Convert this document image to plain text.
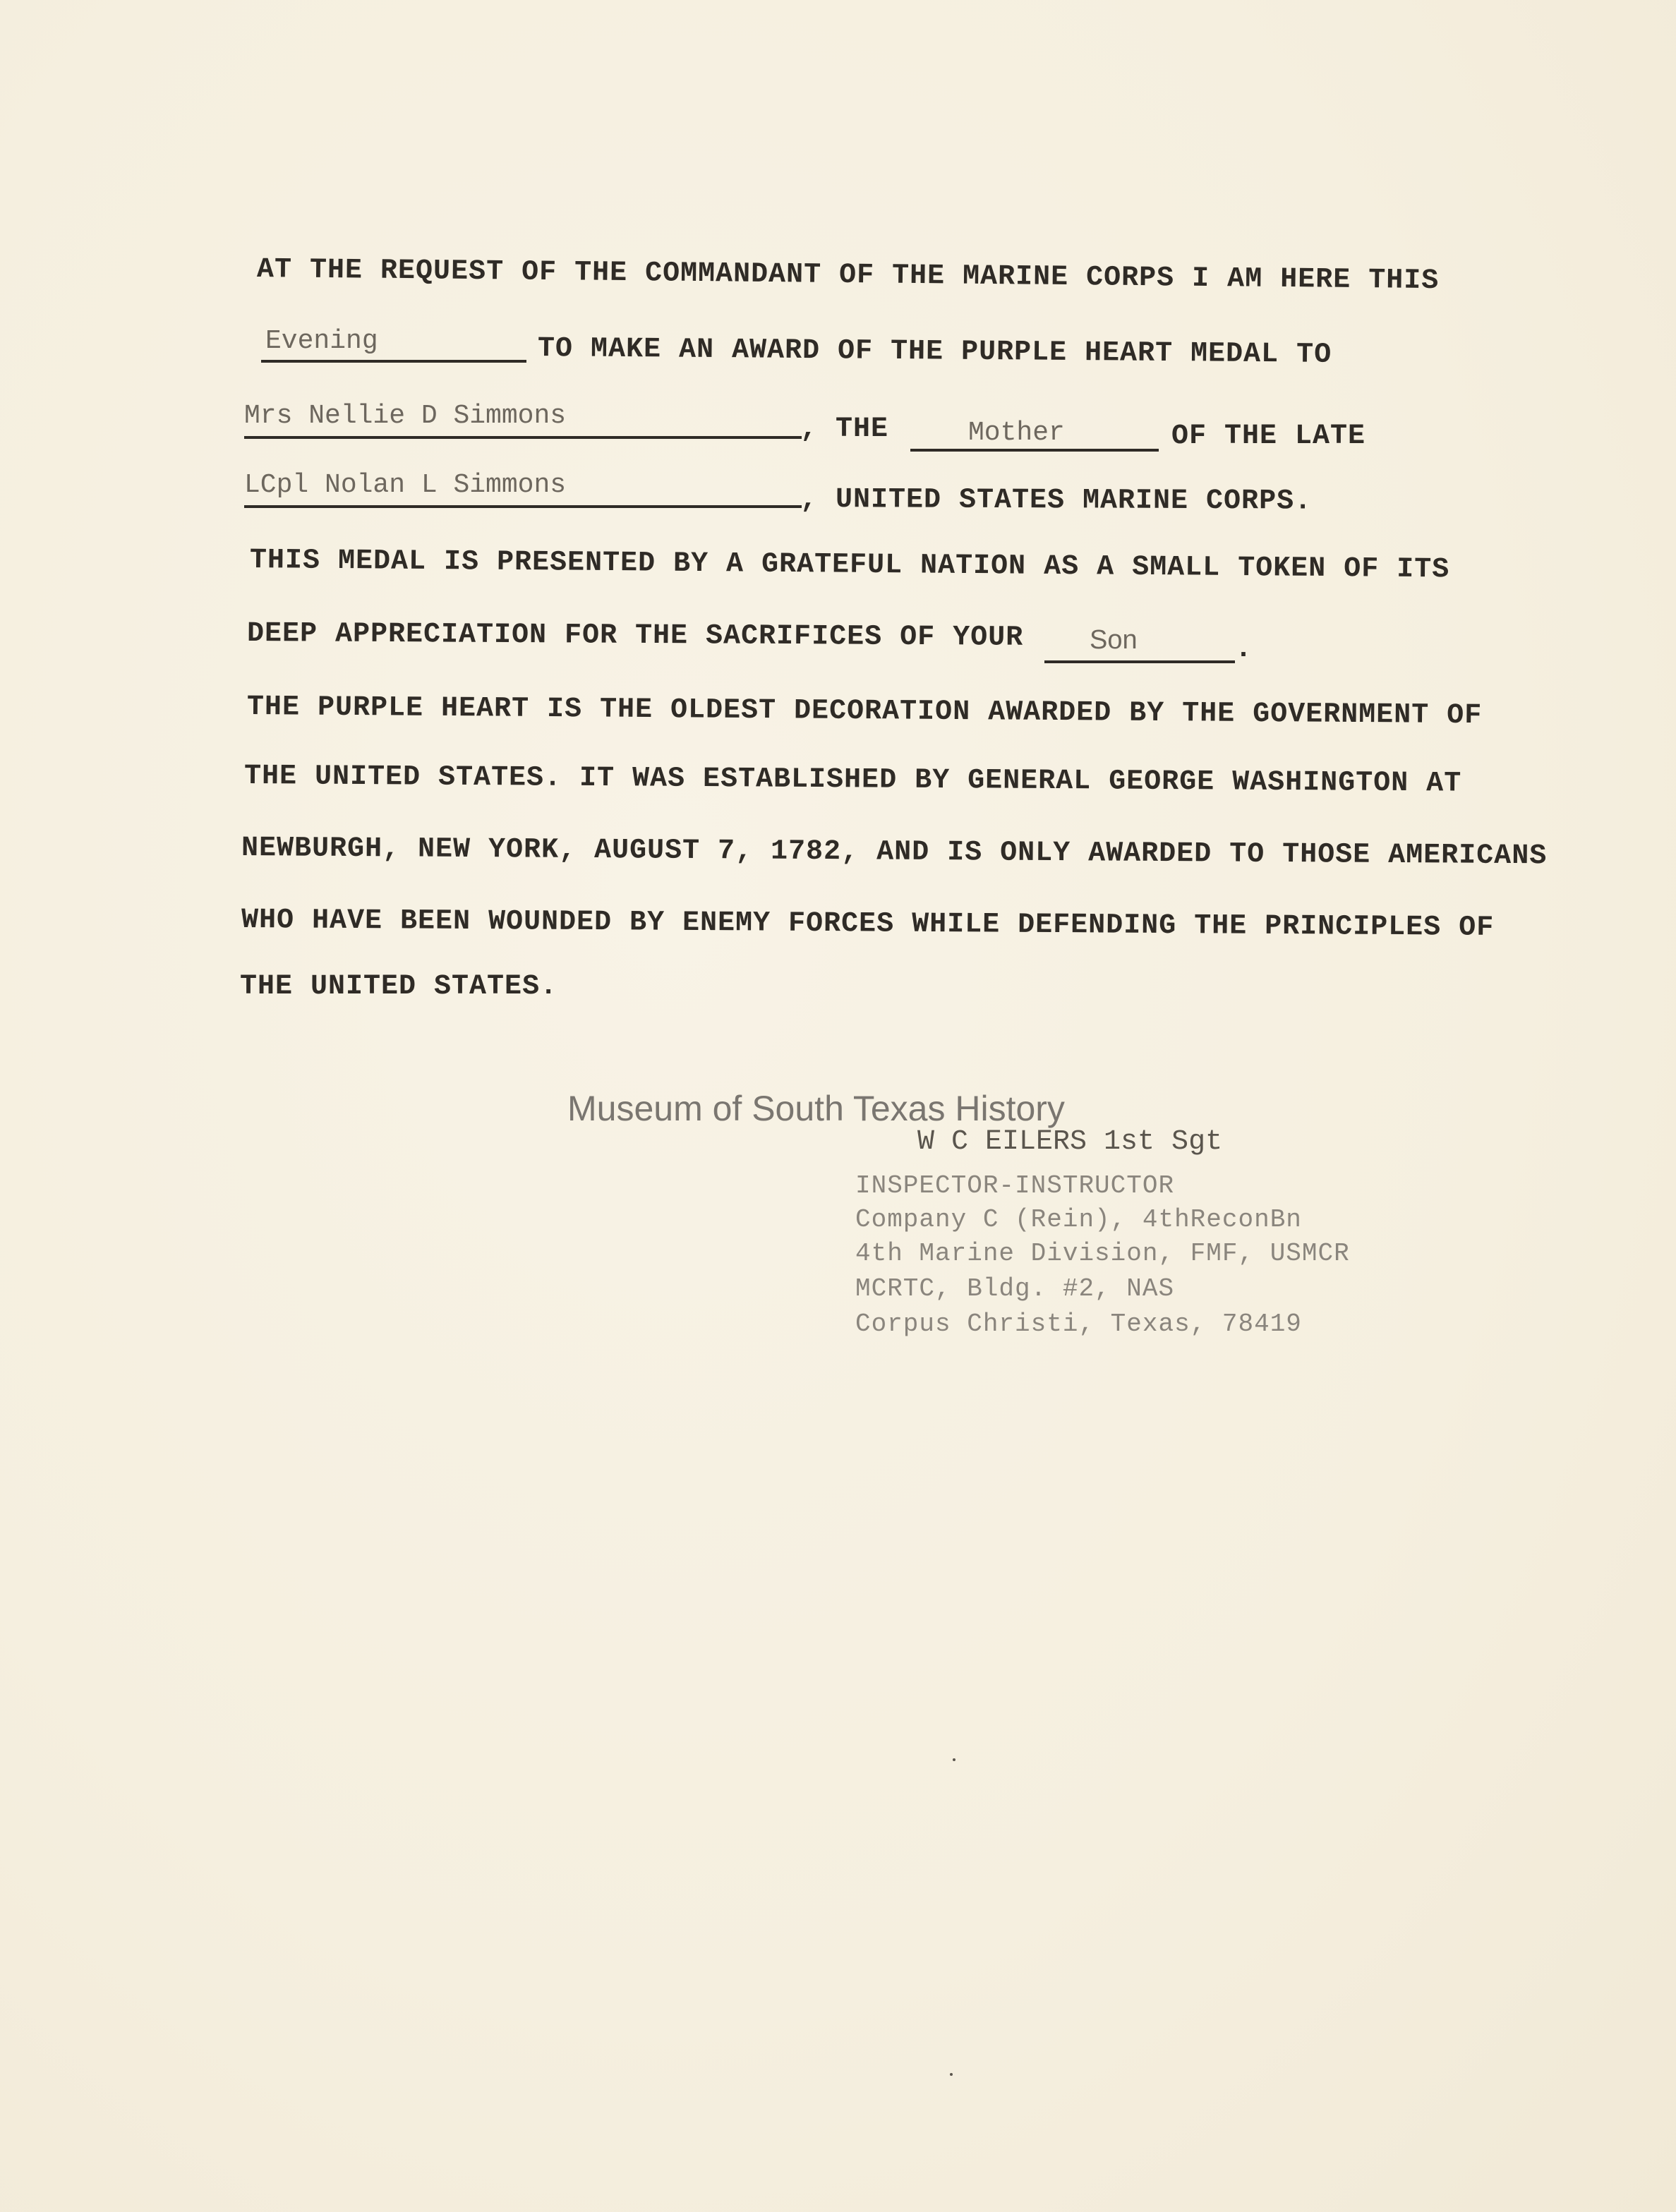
AT THE REQUEST OF THE COMMANDANT OF THE MARINE CORPS I AM HERE THIS
Evening	TO MAKE AN AWARD OF THE PURPLE HEART MEDAL TO
Mrs Nellie D Simmons	, THE	Mother	OF THE LATE
LCpl Nolan L Simmons	, UNITED STATES MARINE CORPS.
THIS MEDAL IS PRESENTED BY A GRATEFUL NATION AS A SMALL TOKEN OF ITS
DEEP APPRECIATION FOR THE SACRIFICES OF YOUR Son	.
THE PURPLE HEART IS THE OLDEST DECORATION AWARDED BY THE GOVERNMENT OF
THE UNITED STATES. IT WAS ESTABLISHED BY GENERAL GEORGE WASHINGTON AT
NEWBURGH, NEW YORK, AUGUST 7, 1782, AND IS ONLY AWARDED TO THOSE AMERICANS
WHO HAVE BEEN WOUNDED BY ENEMY FORCES WHILE DEFENDING THE PRINCIPLES OF
THE UNITED STATES.
Museum of South Texas History
W C EILERS 1st Sgt
INSPECTOR-INSTRUCTOR
Company C (Rein), 4thReconBn
4th Marine Division, FMF, USMCR
MCRTC, Bldg. #2, NAS
Corpus Christi, Texas, 78419
